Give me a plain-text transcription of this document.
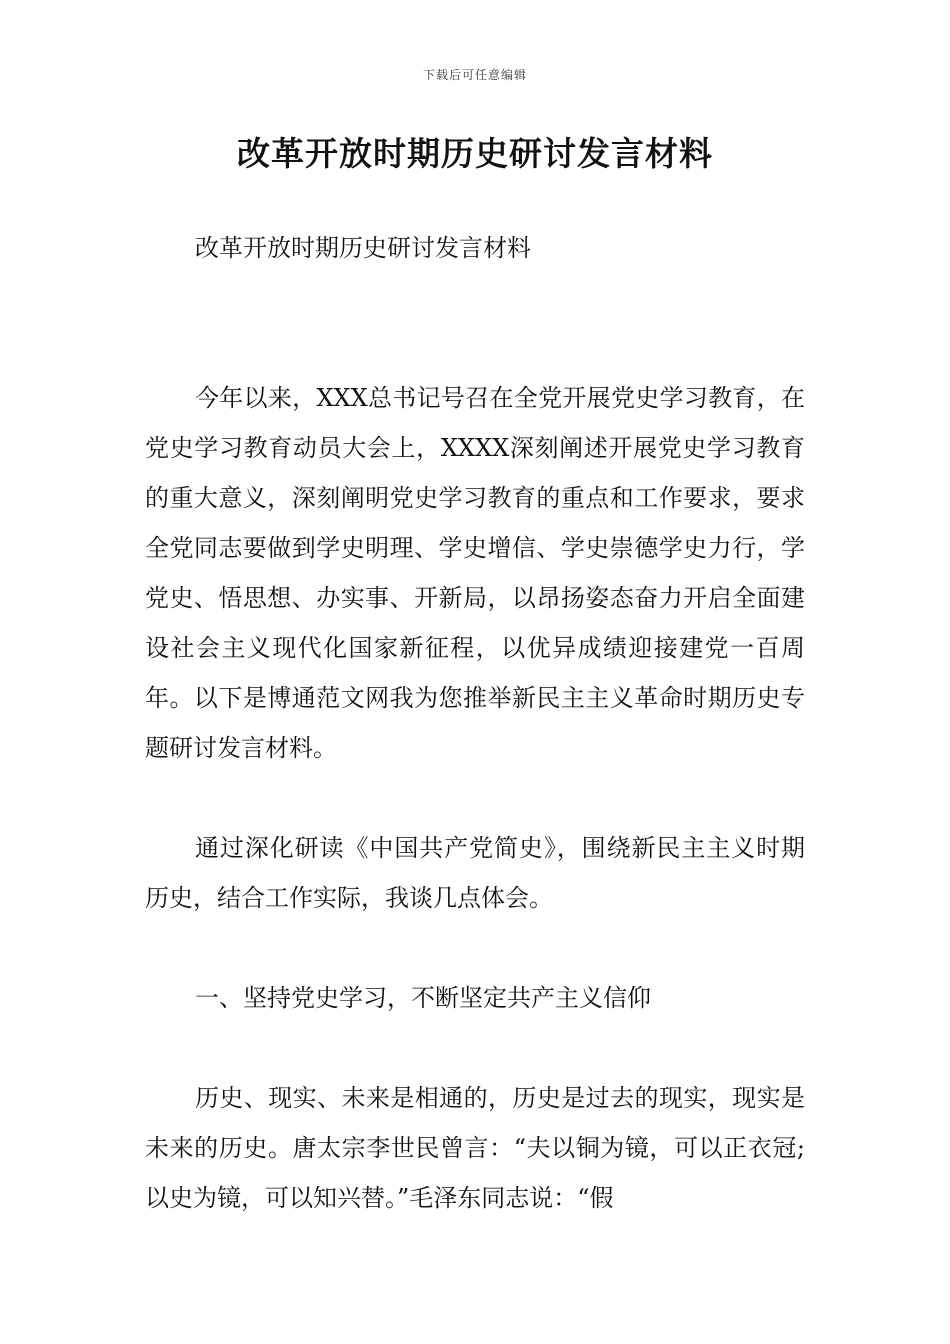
下载后可任意编辑
改革开放时期历史研讨发言材料

改革开放时期历史研讨发言材料

今年以来，XXX总书记号召在全党开展党史学习教育，在党史学习教育动员大会上，XXXX深刻阐述开展党史学习教育的重大意义，深刻阐明党史学习教育的重点和工作要求，要求全党同志要做到学史明理、学史增信、学史崇德学史力行，学党史、悟思想、办实事、开新局，以昂扬姿态奋力开启全面建设社会主义现代化国家新征程，以优异成绩迎接建党一百周年。以下是博通范文网我为您推举新民主主义革命时期历史专题研讨发言材料。

通过深化研读《中国共产党简史》，围绕新民主主义时期历史，结合工作实际，我谈几点体会。

一、坚持党史学习，不断坚定共产主义信仰

历史、现实、未来是相通的，历史是过去的现实，现实是未来的历史。唐太宗李世民曾言：“夫以铜为镜，可以正衣冠;以史为镜，可以知兴替。”毛泽东同志说：“假
